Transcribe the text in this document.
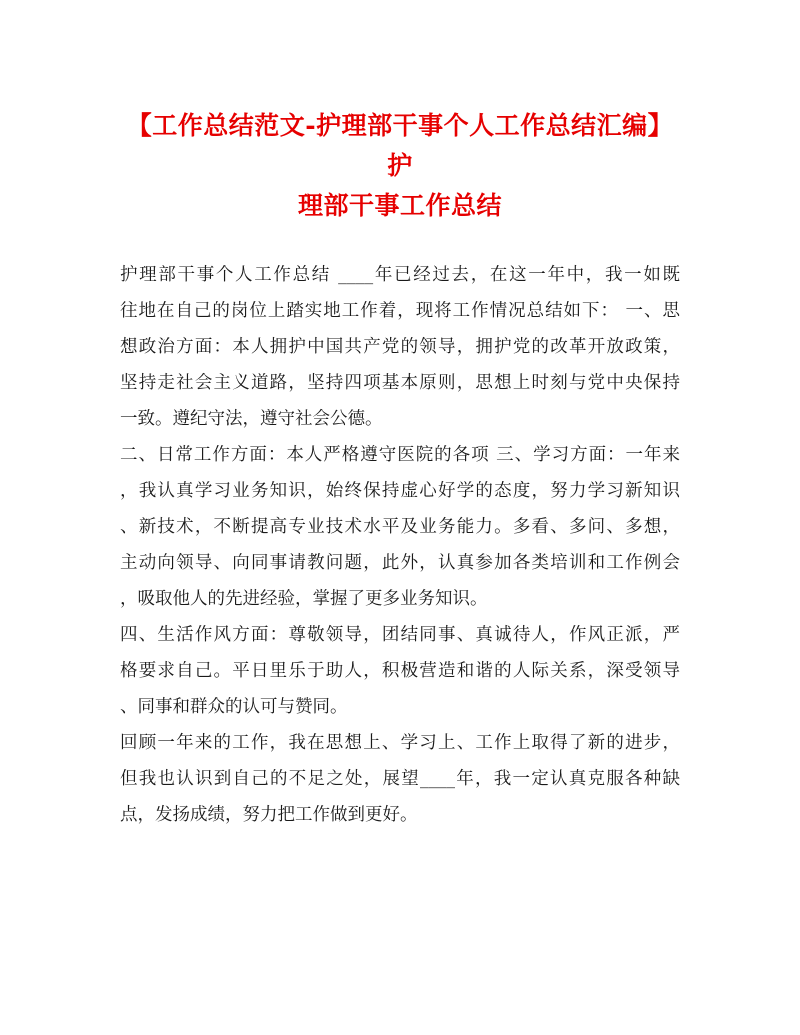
【工作总结范文-护理部干事个人工作总结汇编】 护
理部干事工作总结
护理部干事个人工作总结 ____年已经过去，在这一年中，我一如既
往地在自己的岗位上踏实地工作着，现将工作情况总结如下： 一、思
想政治方面：本人拥护中国共产党的领导，拥护党的改革开放政策，
坚持走社会主义道路，坚持四项基本原则，思想上时刻与党中央保持
一致。遵纪守法，遵守社会公德。
二、日常工作方面：本人严格遵守医院的各项 三、学习方面：一年来
，我认真学习业务知识，始终保持虚心好学的态度，努力学习新知识
、新技术，不断提高专业技术水平及业务能力。多看、多问、多想，
主动向领导、向同事请教问题，此外，认真参加各类培训和工作例会
，吸取他人的先进经验，掌握了更多业务知识。
四、生活作风方面：尊敬领导，团结同事、真诚待人，作风正派，严
格要求自己。平日里乐于助人，积极营造和谐的人际关系，深受领导
、同事和群众的认可与赞同。
回顾一年来的工作，我在思想上、学习上、工作上取得了新的进步，
但我也认识到自己的不足之处，展望____年，我一定认真克服各种缺
点，发扬成绩，努力把工作做到更好。
